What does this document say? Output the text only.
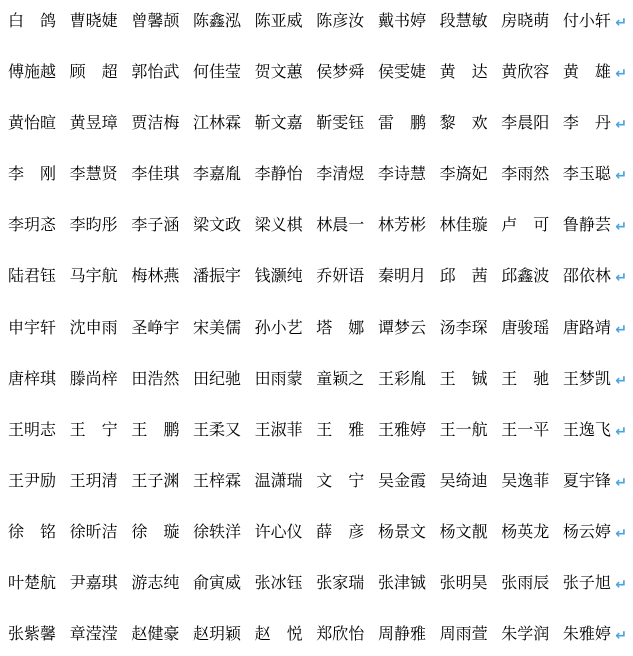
白　鸽 曹晓婕 曾馨颉 陈鑫泓 陈亚威 陈彦汝 戴书婷 段慧敏 房晓萌 付小轩 ↵
傅施越 顾　超 郭怡武 何佳莹 贺文蕙 侯梦舜 侯雯婕 黄　达 黄欣容 黄　雄 ↵
黄怡暄 黄昱璋 贾洁梅 江林霖 靳文嘉 靳雯钰 雷　鹏 黎　欢 李晨阳 李　丹 ↵
李　刚 李慧贤 李佳琪 李嘉胤 李静怡 李清煜 李诗慧 李旖妃 李雨然 李玉聪 ↵
李玥忞 李昀彤 李子涵 梁文政 梁义棋 林晨一 林芳彬 林佳璇 卢　可 鲁静芸 ↵
陆君钰 马宇航 梅林燕 潘振宇 钱灏纯 乔妍语 秦明月 邱　茜 邱鑫波 邵依林 ↵
申宇轩 沈申雨 圣峥宇 宋美儒 孙小艺 塔　娜 谭梦云 汤李琛 唐骏瑶 唐路靖 ↵
唐梓琪 滕尚梓 田浩然 田纪驰 田雨蒙 童颖之 王彩胤 王　铖 王　驰 王梦凯 ↵
王明志 王　宁 王　鹏 王柔又 王淑菲 王　雅 王雅婷 王一航 王一平 王逸飞 ↵
王尹励 王玥清 王子渊 王梓霖 温潇瑞 文　宁 吴金霞 吴绮迪 吴逸菲 夏宇锋 ↵
徐　铭 徐昕洁 徐　璇 徐轶洋 许心仪 薛　彦 杨景文 杨文靓 杨英龙 杨云婷 ↵
叶楚航 尹嘉琪 游志纯 俞寅威 张冰钰 张家瑞 张津铖 张明昊 张雨辰 张子旭 ↵
张紫馨 章滢滢 赵健豪 赵玥颖 赵　悦 郑欣怡 周静雅 周雨萱 朱学润 朱雅婷 ↵
